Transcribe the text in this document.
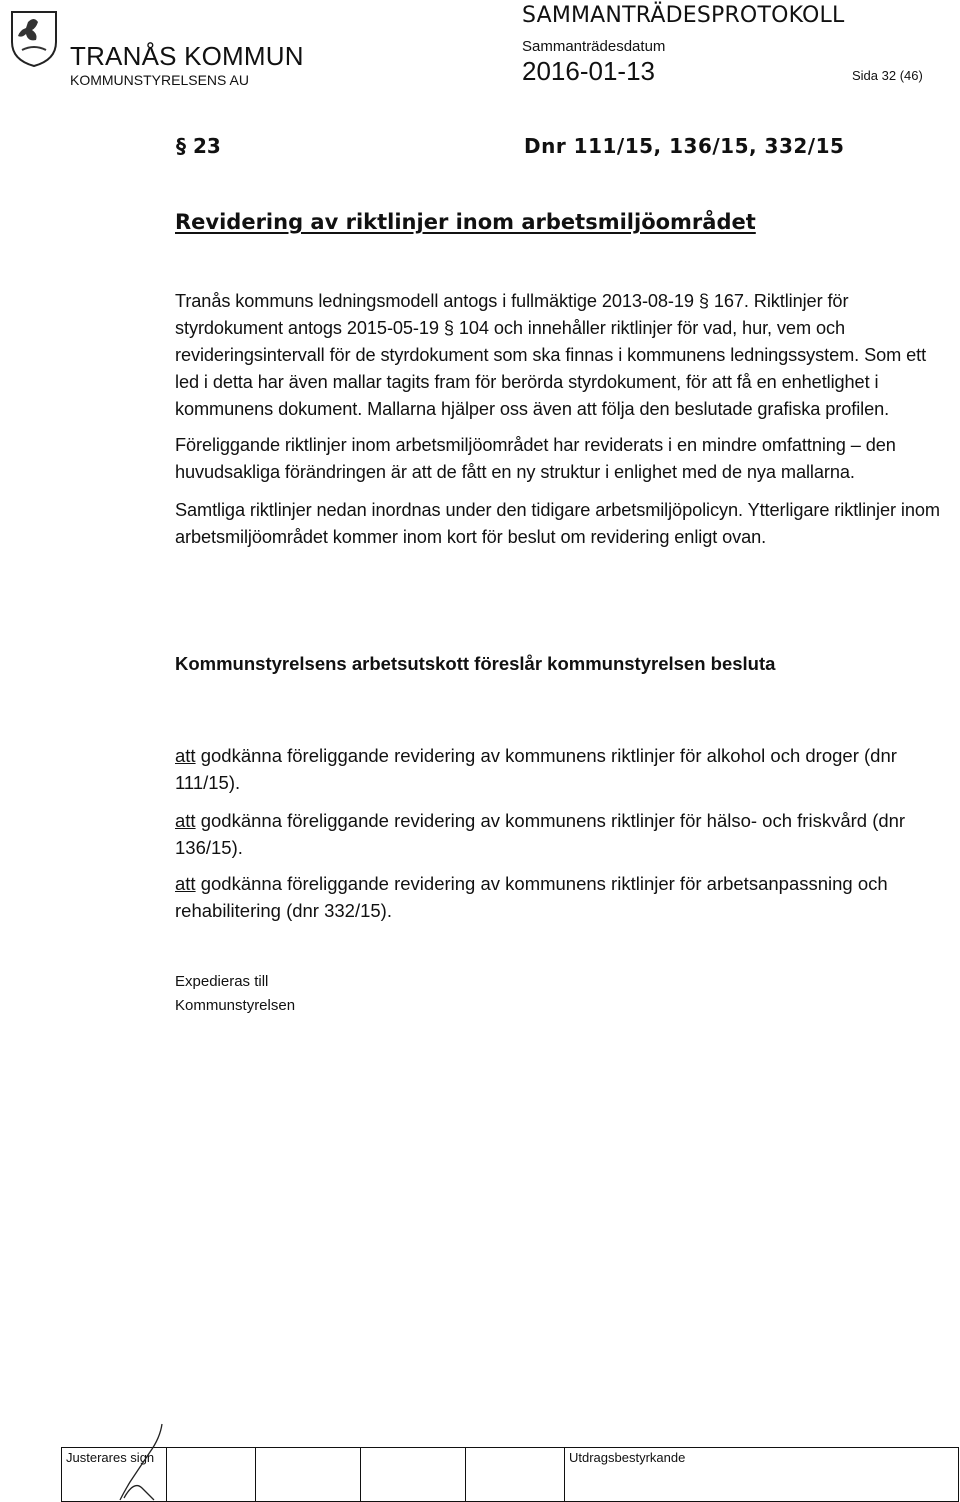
TRANÅS KOMMUN
KOMMUNSTYRELSENS AU
SAMMANTRÄDESPROTOKOLL
Sammanträdesdatum
2016-01-13	Sida 32 (46)
§ 23	Dnr 111/15, 136/15, 332/15
Revidering av riktlinjer inom arbetsmiljöområdet
Tranås kommuns ledningsmodell antogs i fullmäktige 2013-08-19 § 167. Riktlinjer för styrdokument antogs 2015-05-19 § 104 och innehåller riktlinjer för vad, hur, vem och revideringsintervall för de styrdokument som ska finnas i kommunens ledningssystem. Som ett led i detta har även mallar tagits fram för berörda styrdokument, för att få en enhetlighet i kommunens dokument. Mallarna hjälper oss även att följa den beslutade grafiska profilen.
Föreliggande riktlinjer inom arbetsmiljöområdet har reviderats i en mindre omfattning – den huvudsakliga förändringen är att de fått en ny struktur i enlighet med de nya mallarna.
Samtliga riktlinjer nedan inordnas under den tidigare arbetsmiljöpolicyn. Ytterligare riktlinjer inom arbetsmiljöområdet kommer inom kort för beslut om revidering enligt ovan.
Kommunstyrelsens arbetsutskott föreslår kommunstyrelsen besluta
att godkänna föreliggande revidering av kommunens riktlinjer för alkohol och droger (dnr 111/15).
att godkänna föreliggande revidering av kommunens riktlinjer för hälso- och friskvård (dnr 136/15).
att godkänna föreliggande revidering av kommunens riktlinjer för arbetsanpassning och rehabilitering (dnr 332/15).
Expedieras till
Kommunstyrelsen
Justerares sign					Utdragsbestyrkande
